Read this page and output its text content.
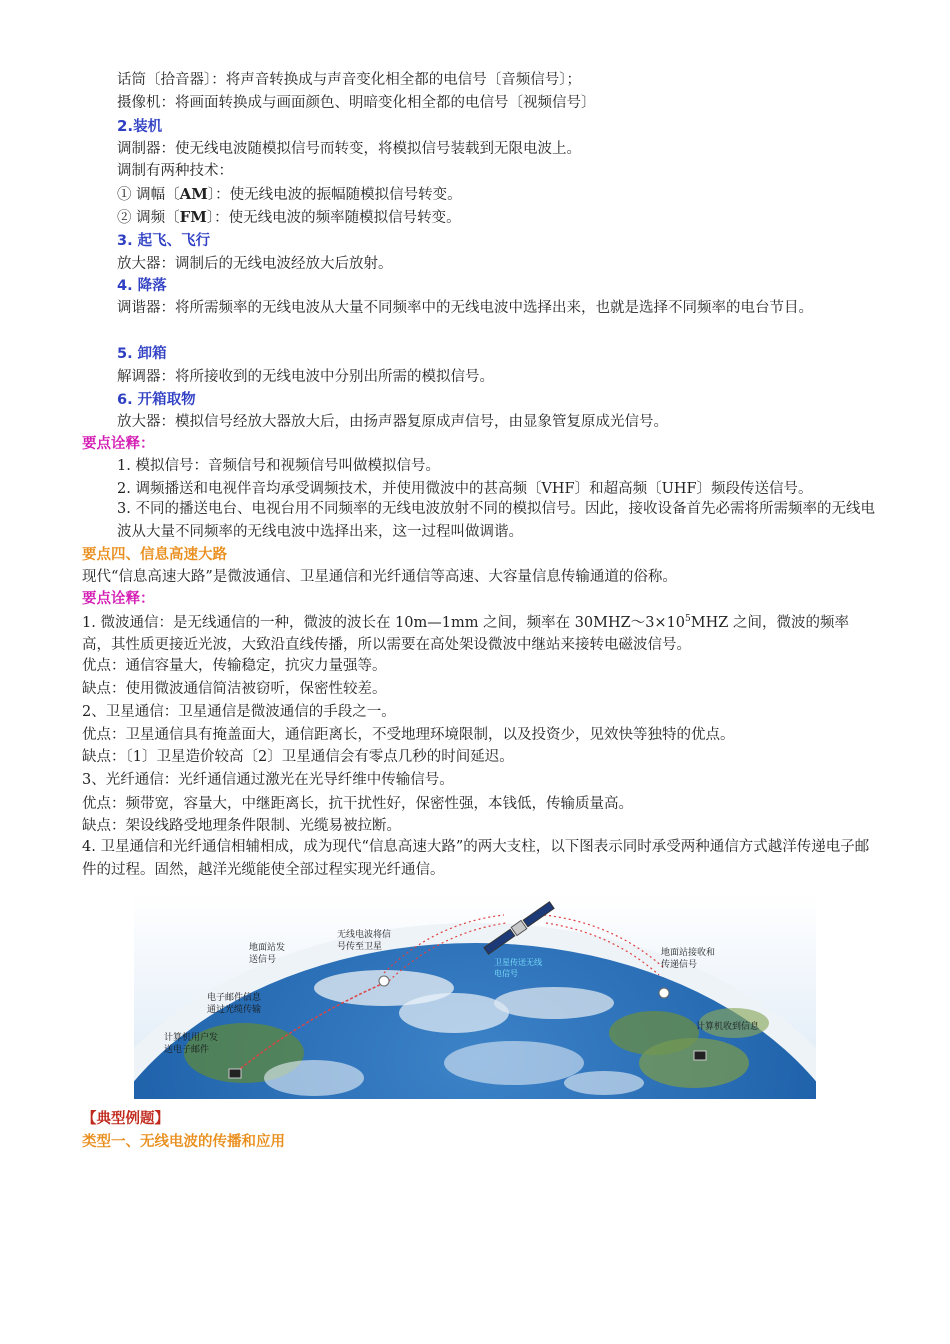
话筒〔拾音器〕：将声音转换成与声音变化相全都的电信号〔音频信号〕；
摄像机：将画面转换成与画面颜色、明暗变化相全都的电信号〔视频信号〕
2.装机
调制器：使无线电波随模拟信号而转变，将模拟信号装载到无限电波上。
调制有两种技术：
① 调幅〔AM〕：使无线电波的振幅随模拟信号转变。
② 调频〔FM〕：使无线电波的频率随模拟信号转变。
3. 起飞、飞行
放大器：调制后的无线电波经放大后放射。
4. 降落
调谐器：将所需频率的无线电波从大量不同频率中的无线电波中选择出来，也就是选择不同频率的电台节目。
5. 卸箱
解调器：将所接收到的无线电波中分别出所需的模拟信号。
6. 开箱取物
放大器：模拟信号经放大器放大后，由扬声器复原成声信号，由显象管复原成光信号。
要点诠释：
1. 模拟信号：音频信号和视频信号叫做模拟信号。
2. 调频播送和电视伴音均承受调频技术，并使用微波中的甚高频〔VHF〕和超高频〔UHF〕频段传送信号。
3. 不同的播送电台、电视台用不同频率的无线电波放射不同的模拟信号。因此，接收设备首先必需将所需频率的无线电波从大量不同频率的无线电波中选择出来，这一过程叫做调谐。
要点四、信息高速大路
现代“信息高速大路”是微波通信、卫星通信和光纤通信等高速、大容量信息传输通道的俗称。
要点诠释：
1. 微波通信：是无线通信的一种，微波的波长在 10m—1mm 之间，频率在 $30MHZ\sim 3\times 10^5MHZ$ 之间，微波的频率高，其性质更接近光波，大致沿直线传播，所以需要在高处架设微波中继站来接转电磁波信号。
优点：通信容量大，传输稳定，抗灾力量强等。
缺点：使用微波通信简洁被窃听，保密性较差。
2、卫星通信：卫星通信是微波通信的手段之一。
优点：卫星通信具有掩盖面大，通信距离长，不受地理环境限制，以及投资少，见效快等独特的优点。
缺点：〔1〕卫星造价较高〔2〕卫星通信会有零点几秒的时间延迟。
3、光纤通信：光纤通信通过激光在光导纤维中传输信号。
优点：频带宽，容量大，中继距离长，抗干扰性好，保密性强，本钱低，传输质量高。
缺点：架设线路受地理条件限制、光缆易被拉断。
4. 卫星通信和光纤通信相辅相成，成为现代“信息高速大路”的两大支柱，以下图表示同时承受两种通信方式越洋传递电子邮件的过程。固然，越洋光缆能使全部过程实现光纤通信。
无线电波将信
号传至卫星
地面站发
送信号
电子邮件信息
通过光缆传输
计算机用户发
送电子邮件
卫星传送无线
电信号
地面站接收和
传递信号
计算机收到信息
【典型例题】
类型一、无线电波的传播和应用
